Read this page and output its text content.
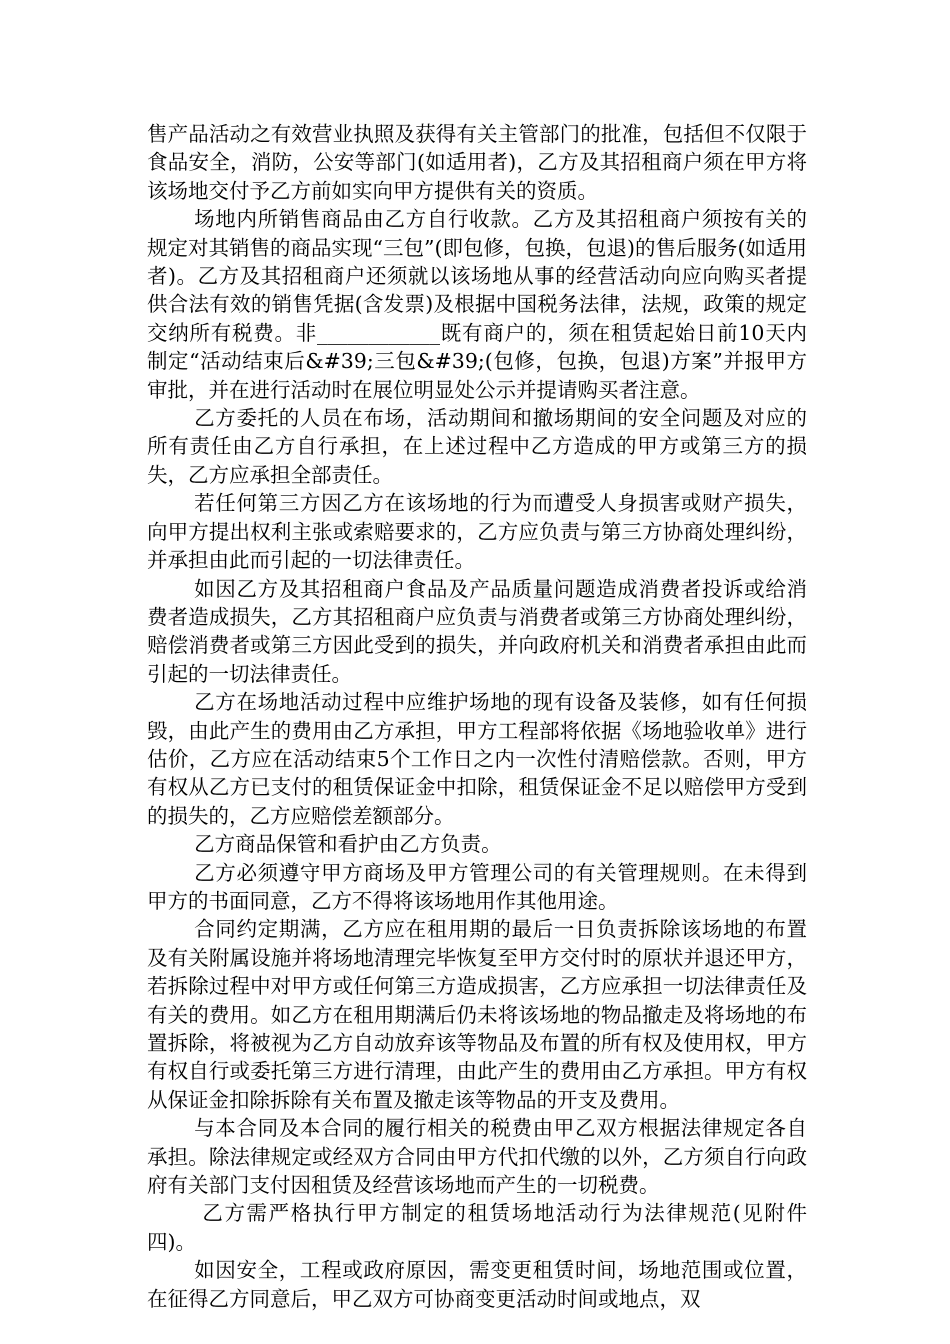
售产品活动之有效营业执照及获得有关主管部门的批准，包括但不仅限于食品安全，消防，公安等部门(如适用者)，乙方及其招租商户须在甲方将该场地交付予乙方前如实向甲方提供有关的资质。

场地内所销售商品由乙方自行收款。乙方及其招租商户须按有关的规定对其销售的商品实现“三包”(即包修，包换，包退)的售后服务(如适用者)。乙方及其招租商户还须就以该场地从事的经营活动向应向购买者提供合法有效的销售凭据(含发票)及根据中国税务法律，法规，政策的规定交纳所有税费。非____________既有商户的，须在租赁起始日前10天内制定“活动结束后&#39;三包&#39;(包修，包换，包退)方案”并报甲方审批，并在进行活动时在展位明显处公示并提请购买者注意。

乙方委托的人员在布场，活动期间和撤场期间的安全问题及对应的所有责任由乙方自行承担，在上述过程中乙方造成的甲方或第三方的损失，乙方应承担全部责任。

若任何第三方因乙方在该场地的行为而遭受人身损害或财产损失，向甲方提出权利主张或索赔要求的，乙方应负责与第三方协商处理纠纷，并承担由此而引起的一切法律责任。

如因乙方及其招租商户食品及产品质量问题造成消费者投诉或给消费者造成损失，乙方其招租商户应负责与消费者或第三方协商处理纠纷，赔偿消费者或第三方因此受到的损失，并向政府机关和消费者承担由此而引起的一切法律责任。

乙方在场地活动过程中应维护场地的现有设备及装修，如有任何损毁，由此产生的费用由乙方承担，甲方工程部将依据《场地验收单》进行估价，乙方应在活动结束5个工作日之内一次性付清赔偿款。否则，甲方有权从乙方已支付的租赁保证金中扣除，租赁保证金不足以赔偿甲方受到的损失的，乙方应赔偿差额部分。

乙方商品保管和看护由乙方负责。

乙方必须遵守甲方商场及甲方管理公司的有关管理规则。在未得到甲方的书面同意，乙方不得将该场地用作其他用途。

合同约定期满，乙方应在租用期的最后一日负责拆除该场地的布置及有关附属设施并将场地清理完毕恢复至甲方交付时的原状并退还甲方，若拆除过程中对甲方或任何第三方造成损害，乙方应承担一切法律责任及有关的费用。如乙方在租用期满后仍未将该场地的物品撤走及将场地的布置拆除，将被视为乙方自动放弃该等物品及布置的所有权及使用权，甲方有权自行或委托第三方进行清理，由此产生的费用由乙方承担。甲方有权从保证金扣除拆除有关布置及撤走该等物品的开支及费用。

与本合同及本合同的履行相关的税费由甲乙双方根据法律规定各自承担。除法律规定或经双方合同由甲方代扣代缴的以外，乙方须自行向政府有关部门支付因租赁及经营该场地而产生的一切税费。

乙方需严格执行甲方制定的租赁场地活动行为法律规范(见附件四)。

如因安全，工程或政府原因，需变更租赁时间，场地范围或位置，在征得乙方同意后，甲乙双方可协商变更活动时间或地点，双
